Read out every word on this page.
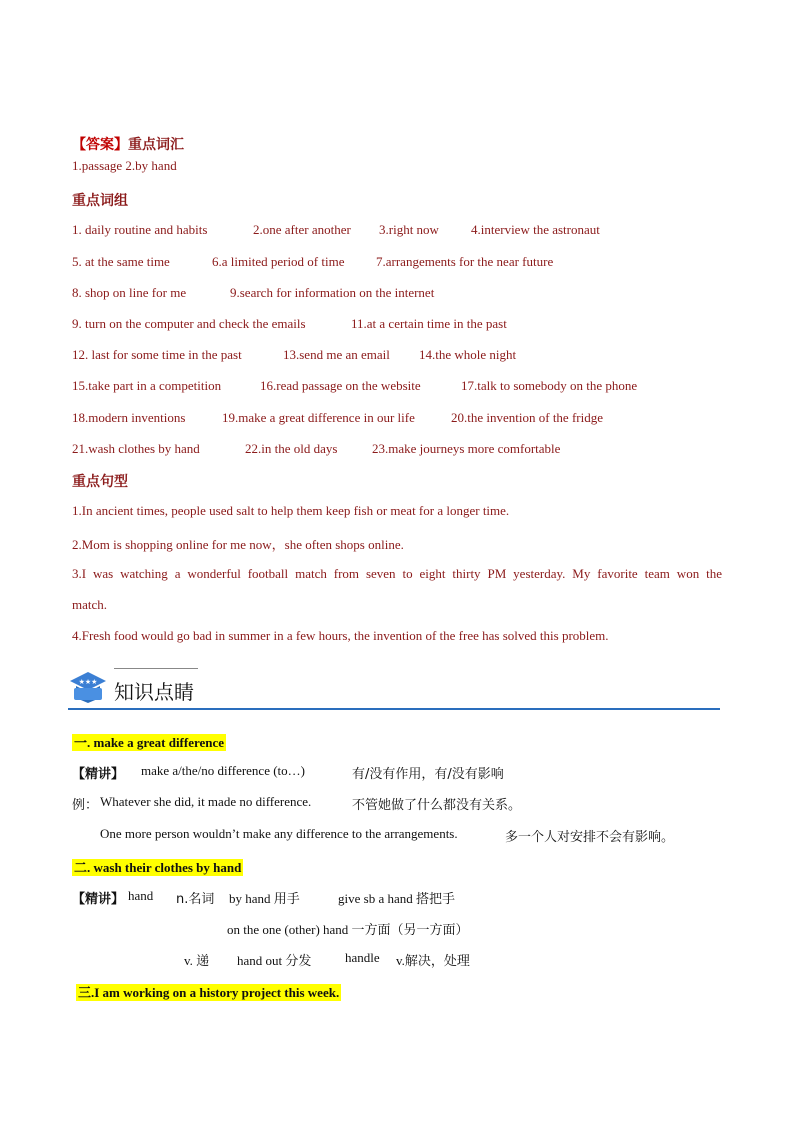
【答案】重点词汇
1.passage 2.by hand
重点词组
1. daily routine and habits	2.one after another 3.right now 4.interview the astronaut
5. at the same time	6.a limited period of time 7.arrangements for the near future
8. shop on line for me	9.search for information on the internet
9. turn on the computer and check the emails	11.at a certain time in the past
12. last for some time in the past	13.send me an email 14.the whole night
15.take part in a competition	16.read passage on the website	17.talk to somebody on the phone
18.modern inventions	19.make a great difference in our life	20.the invention of the fridge
21.wash clothes by hand	22.in the old days	23.make journeys more comfortable
重点句型
1.In ancient times, people used salt to help them keep fish or meat for a longer time.
2.Mom is shopping online for me now，she often shops online.
3.I was watching a wonderful football match from seven to eight thirty PM yesterday. My favorite team won the
match.
4.Fresh food would go bad in summer in a few hours, the invention of the free has solved this problem.
★★★ 知识点睛
一. make a great difference
【精讲】 make a/the/no difference (to…)	有/没有作用，有/没有影响
例： Whatever she did, it made no difference.	不管她做了什么都没有关系。
One more person wouldn’t make any difference to the arrangements.	多一个人对安排不会有影响。
二. wash their clothes by hand
【精讲】 hand n.名词 by hand 用手	give sb a hand 搭把手
on the one (other) hand 一方面（另一方面）
v. 递 hand out 分发	handle v.解决，处理
三.I am working on a history project this week.
